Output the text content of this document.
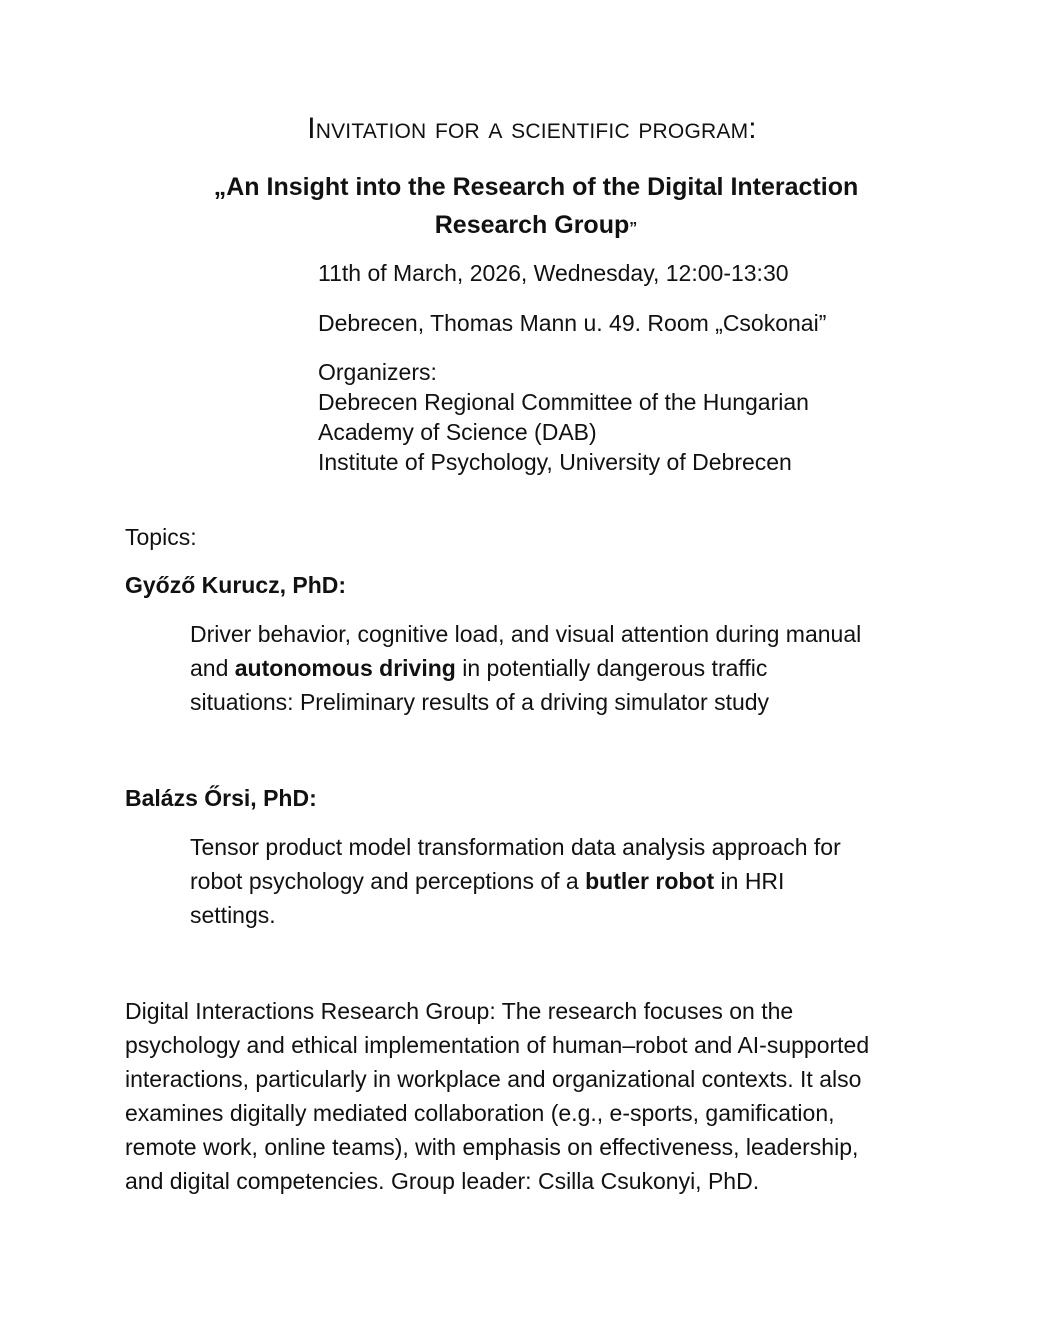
Invitation for a scientific program:
„An Insight into the Research of the Digital Interaction
Research Group”

11th of March, 2026, Wednesday, 12:00-13:30

Debrecen, Thomas Mann u. 49. Room „Csokonai”

Organizers:

Debrecen Regional Committee of the Hungarian

Academy of Science (DAB)

Institute of Psychology, University of Debrecen

Topics:
Győző Kurucz, PhD:
Driver behavior, cognitive load, and visual attention during manual
and autonomous driving in potentially dangerous traffic
situations: Preliminary results of a driving simulator study
Balázs Őrsi, PhD:
Tensor product model transformation data analysis approach for
robot psychology and perceptions of a butler robot in HRI
settings.
Digital Interactions Research Group: The research focuses on the
psychology and ethical implementation of human–robot and AI-supported
interactions, particularly in workplace and organizational contexts. It also
examines digitally mediated collaboration (e.g., e-sports, gamification,
remote work, online teams), with emphasis on effectiveness, leadership,
and digital competencies. Group leader: Csilla Csukonyi, PhD.
